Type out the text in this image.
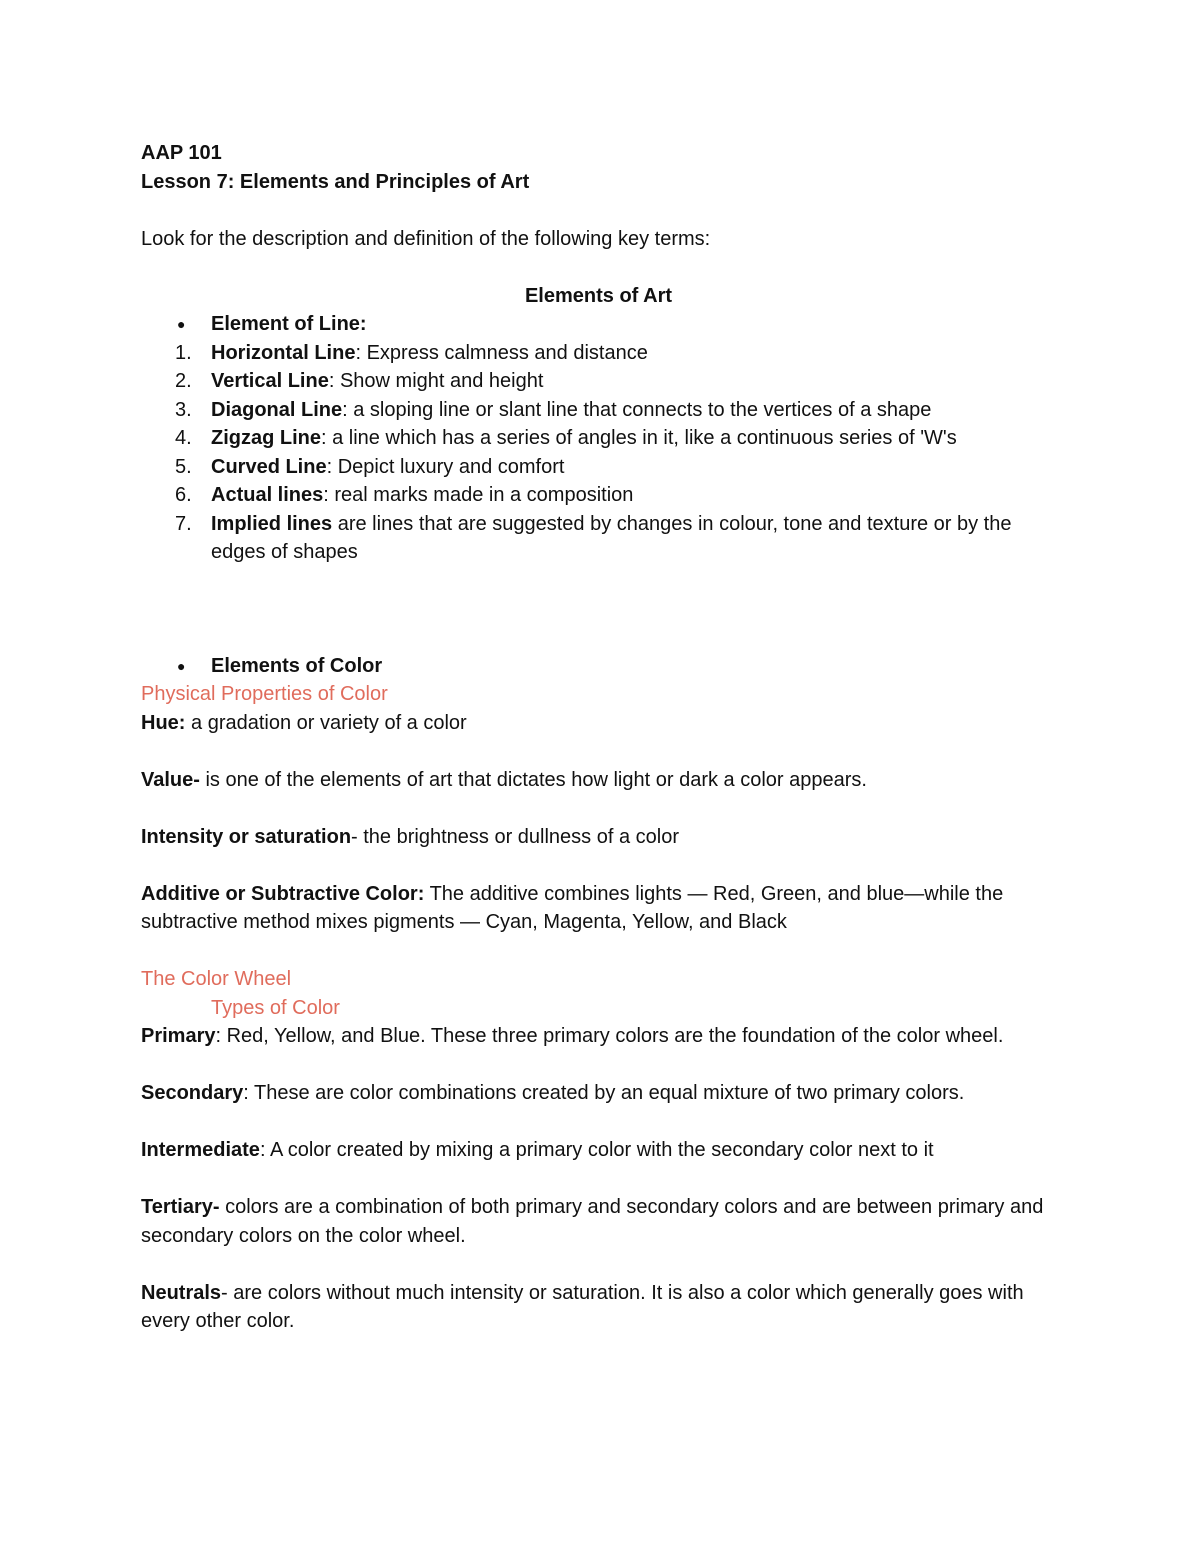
AAP 101

Lesson 7: Elements and Principles of Art

Look for the description and definition of the following key terms:

Elements of Art

●	Element of Line:
1. Horizontal Line: Express calmness and distance
2. Vertical Line: Show might and height
3. Diagonal Line: a sloping line or slant line that connects to the vertices of a shape
4. Zigzag Line: a line which has a series of angles in it, like a continuous series of 'W's
5. Curved Line: Depict luxury and comfort
6. Actual lines: real marks made in a composition
7. Implied lines are lines that are suggested by changes in colour, tone and texture or by the edges of shapes
●	Elements of Color

Physical Properties of Color

Hue: a gradation or variety of a color

Value- is one of the elements of art that dictates how light or dark a color appears.

Intensity or saturation- the brightness or dullness of a color

Additive or Subtractive Color: The additive combines lights — Red, Green, and blue—while the subtractive method mixes pigments — Cyan, Magenta, Yellow, and Black

The Color Wheel

Types of Color

Primary: Red, Yellow, and Blue. These three primary colors are the foundation of the color wheel.

Secondary: These are color combinations created by an equal mixture of two primary colors.

Intermediate: A color created by mixing a primary color with the secondary color next to it

Tertiary- colors are a combination of both primary and secondary colors and are between primary and secondary colors on the color wheel.

Neutrals- are colors without much intensity or saturation. It is also a color which generally goes with every other color.
